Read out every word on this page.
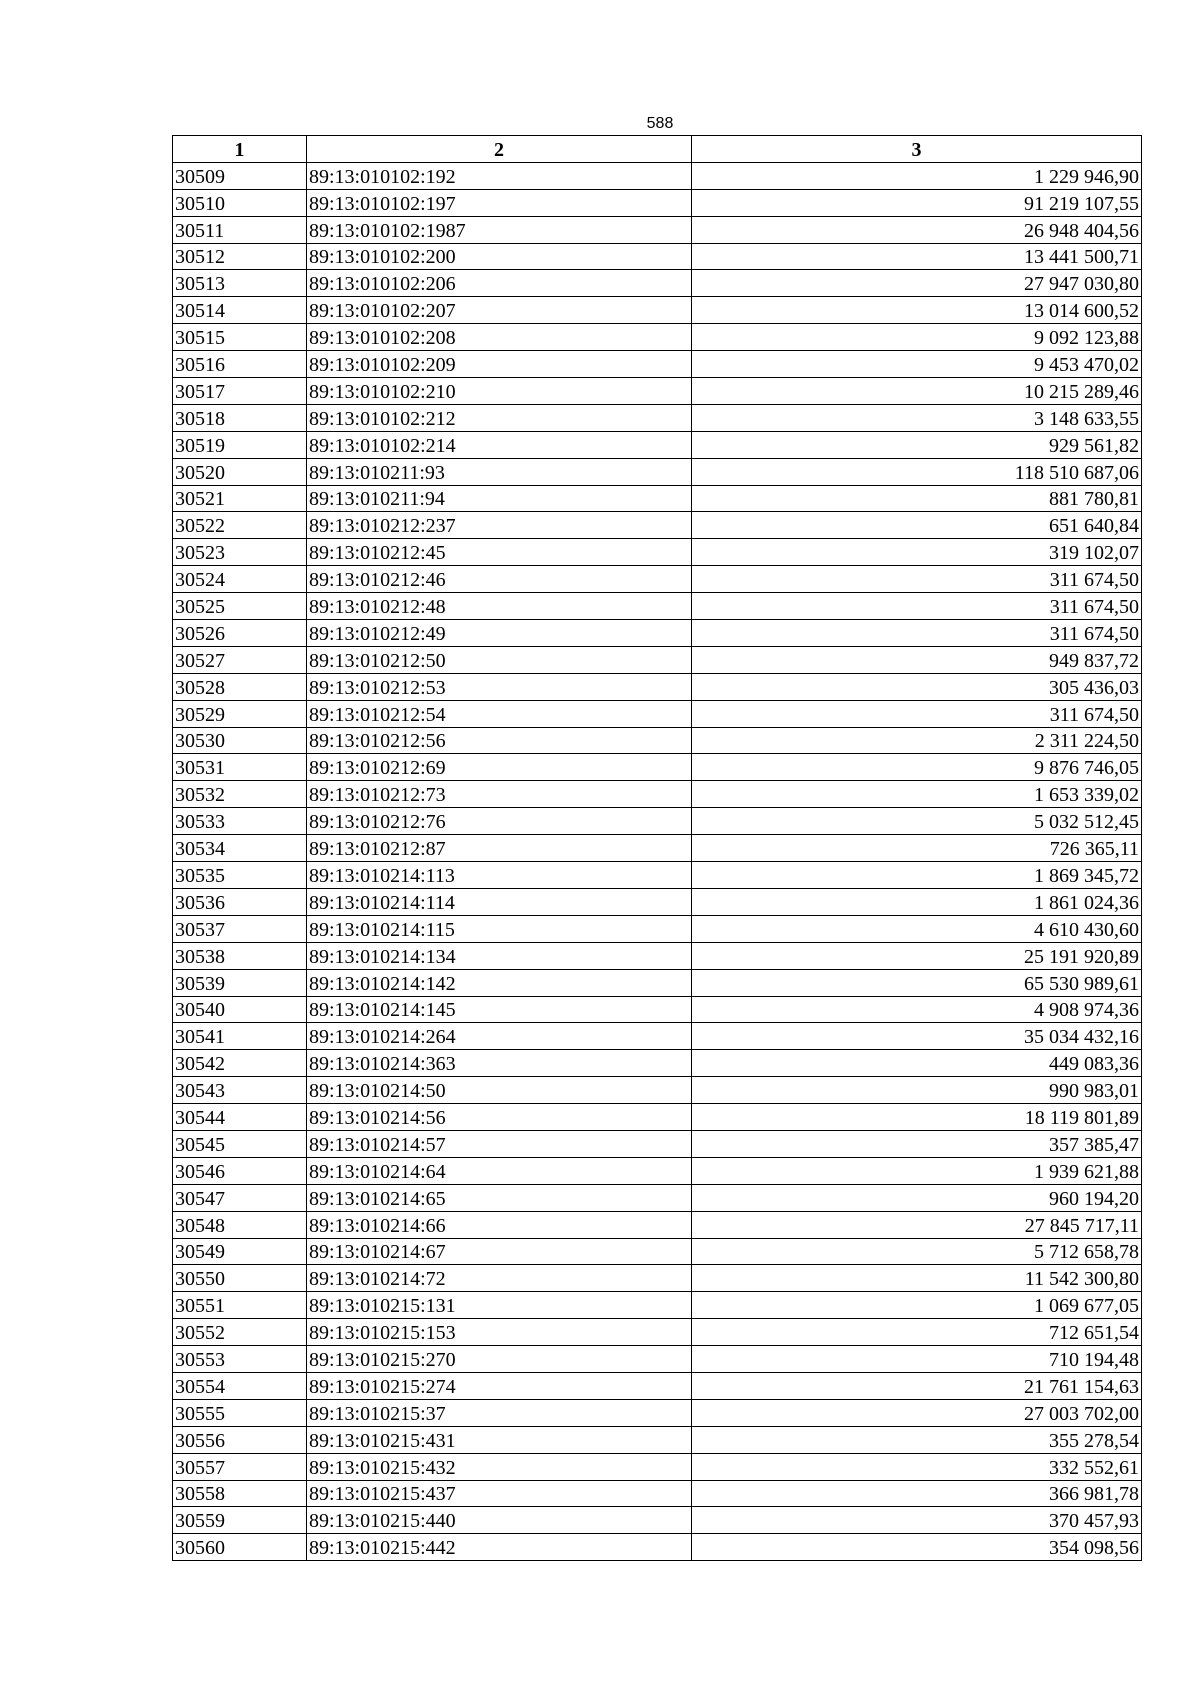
588
1	2	3
30509	89:13:010102:192	1 229 946,90
30510	89:13:010102:197	91 219 107,55
30511	89:13:010102:1987	26 948 404,56
30512	89:13:010102:200	13 441 500,71
30513	89:13:010102:206	27 947 030,80
30514	89:13:010102:207	13 014 600,52
30515	89:13:010102:208	9 092 123,88
30516	89:13:010102:209	9 453 470,02
30517	89:13:010102:210	10 215 289,46
30518	89:13:010102:212	3 148 633,55
30519	89:13:010102:214	929 561,82
30520	89:13:010211:93	118 510 687,06
30521	89:13:010211:94	881 780,81
30522	89:13:010212:237	651 640,84
30523	89:13:010212:45	319 102,07
30524	89:13:010212:46	311 674,50
30525	89:13:010212:48	311 674,50
30526	89:13:010212:49	311 674,50
30527	89:13:010212:50	949 837,72
30528	89:13:010212:53	305 436,03
30529	89:13:010212:54	311 674,50
30530	89:13:010212:56	2 311 224,50
30531	89:13:010212:69	9 876 746,05
30532	89:13:010212:73	1 653 339,02
30533	89:13:010212:76	5 032 512,45
30534	89:13:010212:87	726 365,11
30535	89:13:010214:113	1 869 345,72
30536	89:13:010214:114	1 861 024,36
30537	89:13:010214:115	4 610 430,60
30538	89:13:010214:134	25 191 920,89
30539	89:13:010214:142	65 530 989,61
30540	89:13:010214:145	4 908 974,36
30541	89:13:010214:264	35 034 432,16
30542	89:13:010214:363	449 083,36
30543	89:13:010214:50	990 983,01
30544	89:13:010214:56	18 119 801,89
30545	89:13:010214:57	357 385,47
30546	89:13:010214:64	1 939 621,88
30547	89:13:010214:65	960 194,20
30548	89:13:010214:66	27 845 717,11
30549	89:13:010214:67	5 712 658,78
30550	89:13:010214:72	11 542 300,80
30551	89:13:010215:131	1 069 677,05
30552	89:13:010215:153	712 651,54
30553	89:13:010215:270	710 194,48
30554	89:13:010215:274	21 761 154,63
30555	89:13:010215:37	27 003 702,00
30556	89:13:010215:431	355 278,54
30557	89:13:010215:432	332 552,61
30558	89:13:010215:437	366 981,78
30559	89:13:010215:440	370 457,93
30560	89:13:010215:442	354 098,56
